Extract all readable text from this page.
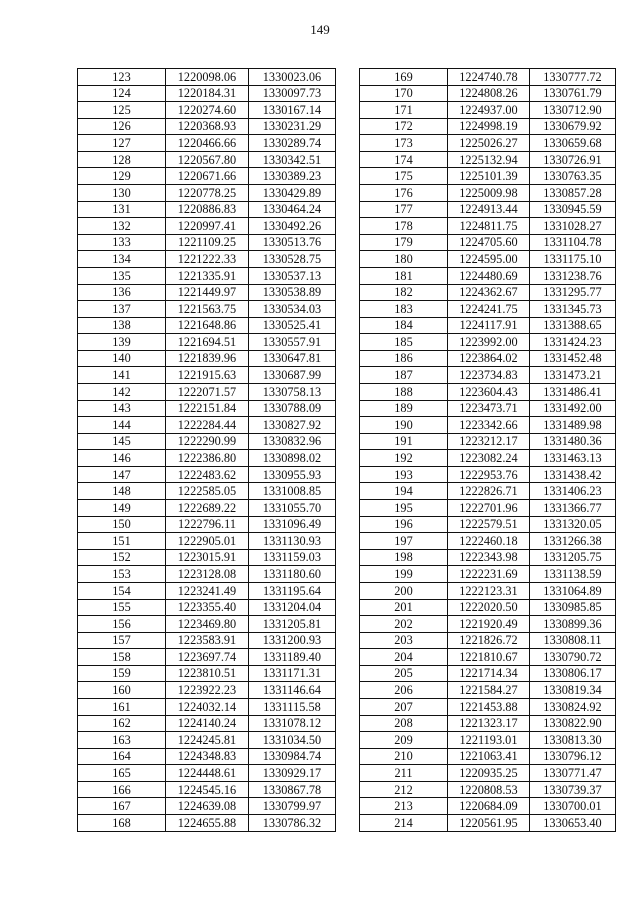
149
123	1220098.06	1330023.06
124	1220184.31	1330097.73
125	1220274.60	1330167.14
126	1220368.93	1330231.29
127	1220466.66	1330289.74
128	1220567.80	1330342.51
129	1220671.66	1330389.23
130	1220778.25	1330429.89
131	1220886.83	1330464.24
132	1220997.41	1330492.26
133	1221109.25	1330513.76
134	1221222.33	1330528.75
135	1221335.91	1330537.13
136	1221449.97	1330538.89
137	1221563.75	1330534.03
138	1221648.86	1330525.41
139	1221694.51	1330557.91
140	1221839.96	1330647.81
141	1221915.63	1330687.99
142	1222071.57	1330758.13
143	1222151.84	1330788.09
144	1222284.44	1330827.92
145	1222290.99	1330832.96
146	1222386.80	1330898.02
147	1222483.62	1330955.93
148	1222585.05	1331008.85
149	1222689.22	1331055.70
150	1222796.11	1331096.49
151	1222905.01	1331130.93
152	1223015.91	1331159.03
153	1223128.08	1331180.60
154	1223241.49	1331195.64
155	1223355.40	1331204.04
156	1223469.80	1331205.81
157	1223583.91	1331200.93
158	1223697.74	1331189.40
159	1223810.51	1331171.31
160	1223922.23	1331146.64
161	1224032.14	1331115.58
162	1224140.24	1331078.12
163	1224245.81	1331034.50
164	1224348.83	1330984.74
165	1224448.61	1330929.17
166	1224545.16	1330867.78
167	1224639.08	1330799.97
168	1224655.88	1330786.32
169	1224740.78	1330777.72
170	1224808.26	1330761.79
171	1224937.00	1330712.90
172	1224998.19	1330679.92
173	1225026.27	1330659.68
174	1225132.94	1330726.91
175	1225101.39	1330763.35
176	1225009.98	1330857.28
177	1224913.44	1330945.59
178	1224811.75	1331028.27
179	1224705.60	1331104.78
180	1224595.00	1331175.10
181	1224480.69	1331238.76
182	1224362.67	1331295.77
183	1224241.75	1331345.73
184	1224117.91	1331388.65
185	1223992.00	1331424.23
186	1223864.02	1331452.48
187	1223734.83	1331473.21
188	1223604.43	1331486.41
189	1223473.71	1331492.00
190	1223342.66	1331489.98
191	1223212.17	1331480.36
192	1223082.24	1331463.13
193	1222953.76	1331438.42
194	1222826.71	1331406.23
195	1222701.96	1331366.77
196	1222579.51	1331320.05
197	1222460.18	1331266.38
198	1222343.98	1331205.75
199	1222231.69	1331138.59
200	1222123.31	1331064.89
201	1222020.50	1330985.85
202	1221920.49	1330899.36
203	1221826.72	1330808.11
204	1221810.67	1330790.72
205	1221714.34	1330806.17
206	1221584.27	1330819.34
207	1221453.88	1330824.92
208	1221323.17	1330822.90
209	1221193.01	1330813.30
210	1221063.41	1330796.12
211	1220935.25	1330771.47
212	1220808.53	1330739.37
213	1220684.09	1330700.01
214	1220561.95	1330653.40
